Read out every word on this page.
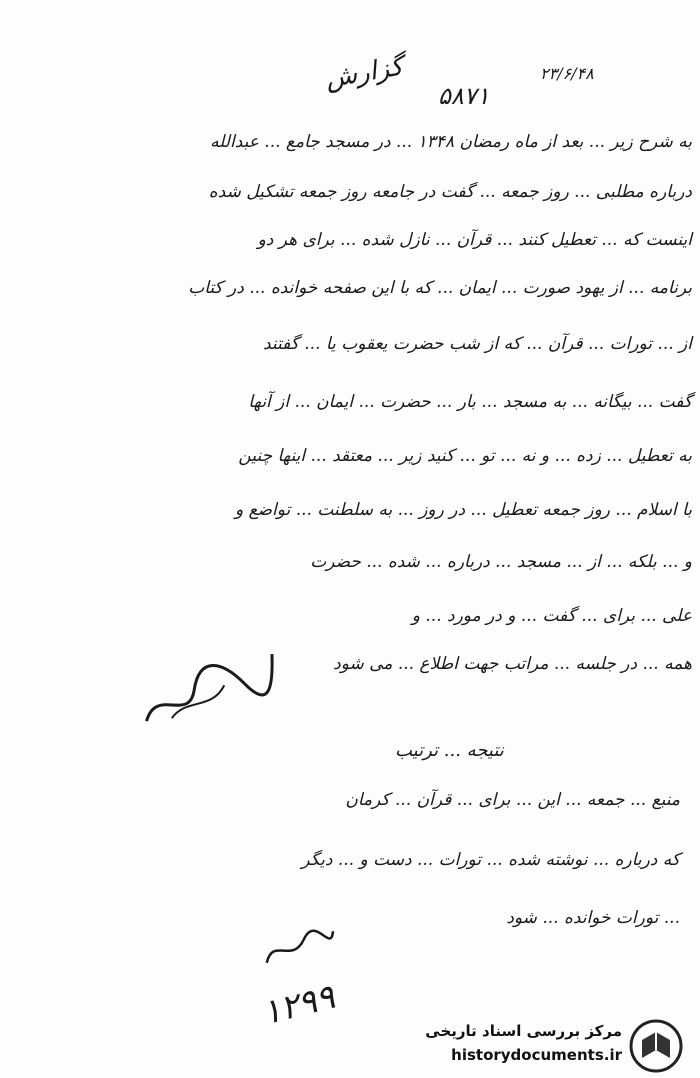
گزارش
۵۸۷۱
۲۳/۶/۴۸
به شرح زیر ... بعد از ماه رمضان ۱۳۴۸ ... در مسجد جامع ... عبدالله
درباره مطلبی ... روز جمعه ... گفت در جامعه روز جمعه تشکیل شده
اینست که ... تعطیل کنند ... قرآن ... نازل شده ... برای هر دو
برنامه ... از یهود صورت ... ایمان ... که با این صفحه خوانده ... در کتاب
از ... تورات ... قرآن ... که از شب حضرت یعقوب یا ... گفتند
گفت ... بیگانه ... به مسجد ... بار ... حضرت ... ایمان ... از آنها
به تعطیل ... زده ... و نه ... تو ... کنید زیر ... معتقد ... اینها چنین
با اسلام ... روز جمعه تعطیل ... در روز ... به سلطنت ... تواضع و
و ... بلکه ... از ... مسجد ... درباره ... شده ... حضرت
علی ... برای ... گفت ... و در مورد ... و
همه ... در جلسه ... مراتب جهت اطلاع ... می شود
نتیجه ... ترتیب
منبع ... جمعه ... این ... برای ... قرآن ... کرمان
که درباره ... نوشته شده ... تورات ... دست و ... دیگر
... تورات خوانده ... شود
۱۲۹۹	مرکز بررسی اسناد تاریخی
historydocuments.ir
